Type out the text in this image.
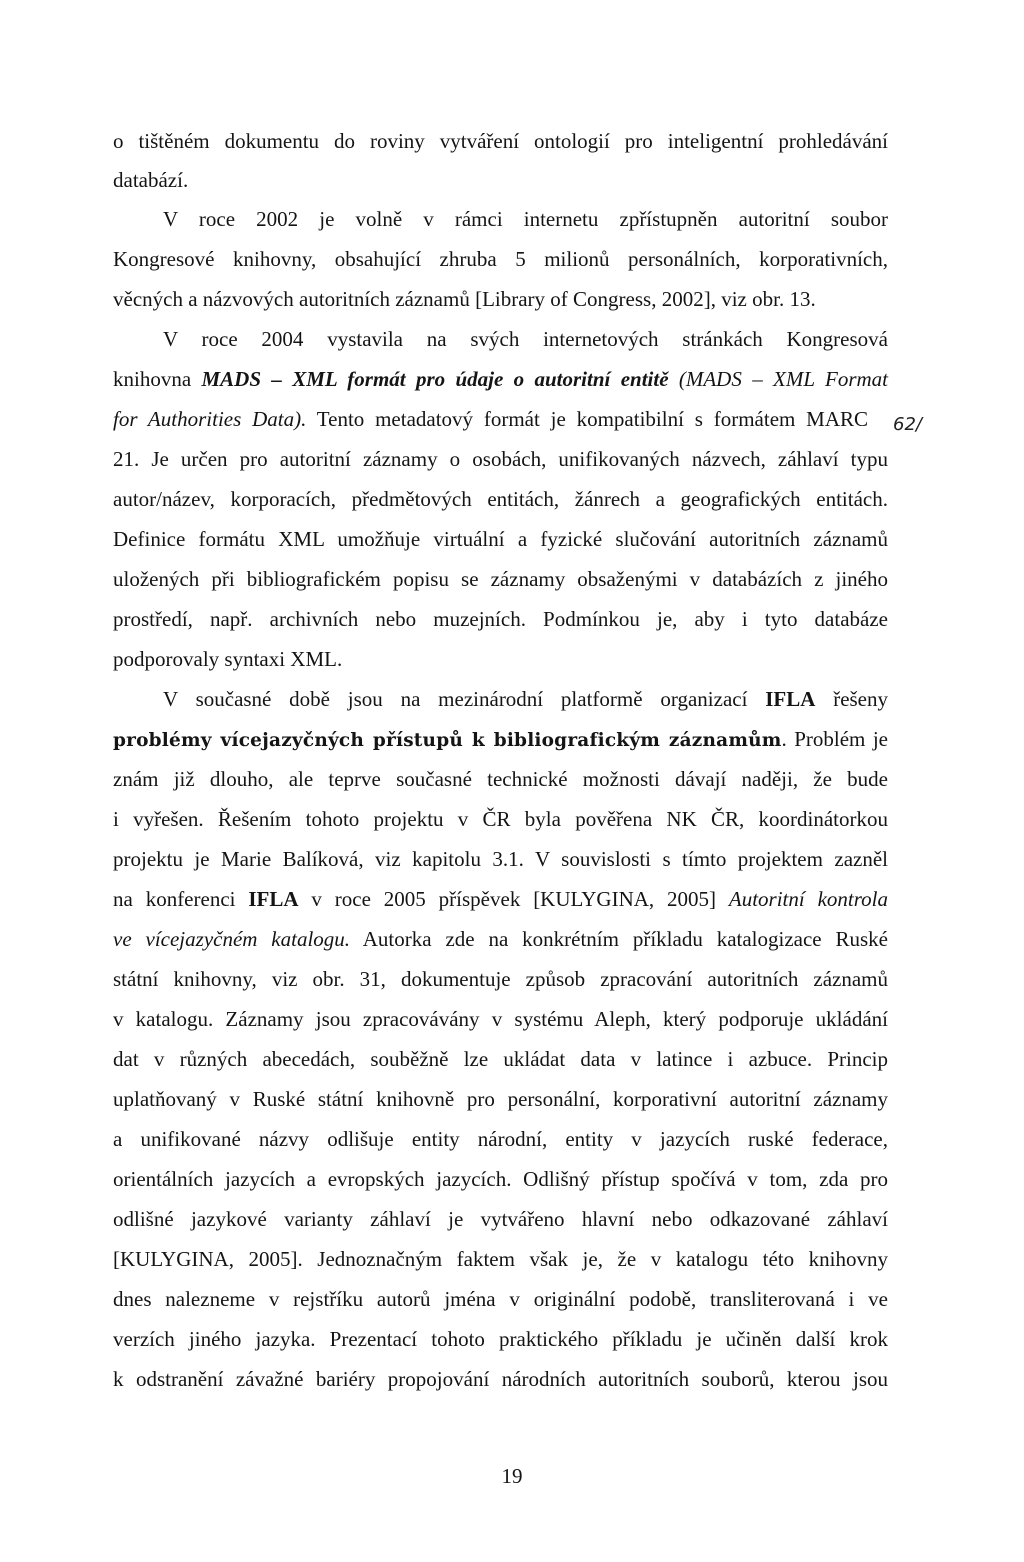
o tištěném dokumentu do roviny vytváření ontologií pro inteligentní prohledávání
databází.
V roce 2002 je volně v rámci internetu zpřístupněn autoritní soubor
Kongresové knihovny, obsahující zhruba 5 milionů personálních, korporativních,
věcných a názvových autoritních záznamů [Library of Congress, 2002], viz obr. 13.
V roce 2004 vystavila na svých internetových stránkách Kongresová
knihovna MADS – XML formát pro údaje o autoritní entitě (MADS – XML Format
for Authorities Data). Tento metadatový formát je kompatibilní s formátem MARC 62/
21. Je určen pro autoritní záznamy o osobách, unifikovaných názvech, záhlaví typu
autor/název, korporacích, předmětových entitách, žánrech a geografických entitách.
Definice formátu XML umožňuje virtuální a fyzické slučování autoritních záznamů
uložených při bibliografickém popisu se záznamy obsaženými v databázích z jiného
prostředí, např. archivních nebo muzejních. Podmínkou je, aby i tyto databáze
podporovaly syntaxi XML.
V současné době jsou na mezinárodní platformě organizací IFLA řešeny
problémy vícejazyčných přístupů k bibliografickým záznamům. Problém je
znám již dlouho, ale teprve současné technické možnosti dávají naději, že bude
i vyřešen. Řešením tohoto projektu v ČR byla pověřena NK ČR, koordinátorkou
projektu je Marie Balíková, viz kapitolu 3.1. V souvislosti s tímto projektem zazněl
na konferenci IFLA v roce 2005 příspěvek [KULYGINA, 2005] Autoritní kontrola
ve vícejazyčném katalogu. Autorka zde na konkrétním příkladu katalogizace Ruské
státní knihovny, viz obr. 31, dokumentuje způsob zpracování autoritních záznamů
v katalogu. Záznamy jsou zpracovávány v systému Aleph, který podporuje ukládání
dat v různých abecedách, souběžně lze ukládat data v latince i azbuce. Princip
uplatňovaný v Ruské státní knihovně pro personální, korporativní autoritní záznamy
a unifikované názvy odlišuje entity národní, entity v jazycích ruské federace,
orientálních jazycích a evropských jazycích. Odlišný přístup spočívá v tom, zda pro
odlišné jazykové varianty záhlaví je vytvářeno hlavní nebo odkazované záhlaví
[KULYGINA, 2005]. Jednoznačným faktem však je, že v katalogu této knihovny
dnes nalezneme v rejstříku autorů jména v originální podobě, transliterovaná i ve
verzích jiného jazyka. Prezentací tohoto praktického příkladu je učiněn další krok
k odstranění závažné bariéry propojování národních autoritních souborů, kterou jsou
19
